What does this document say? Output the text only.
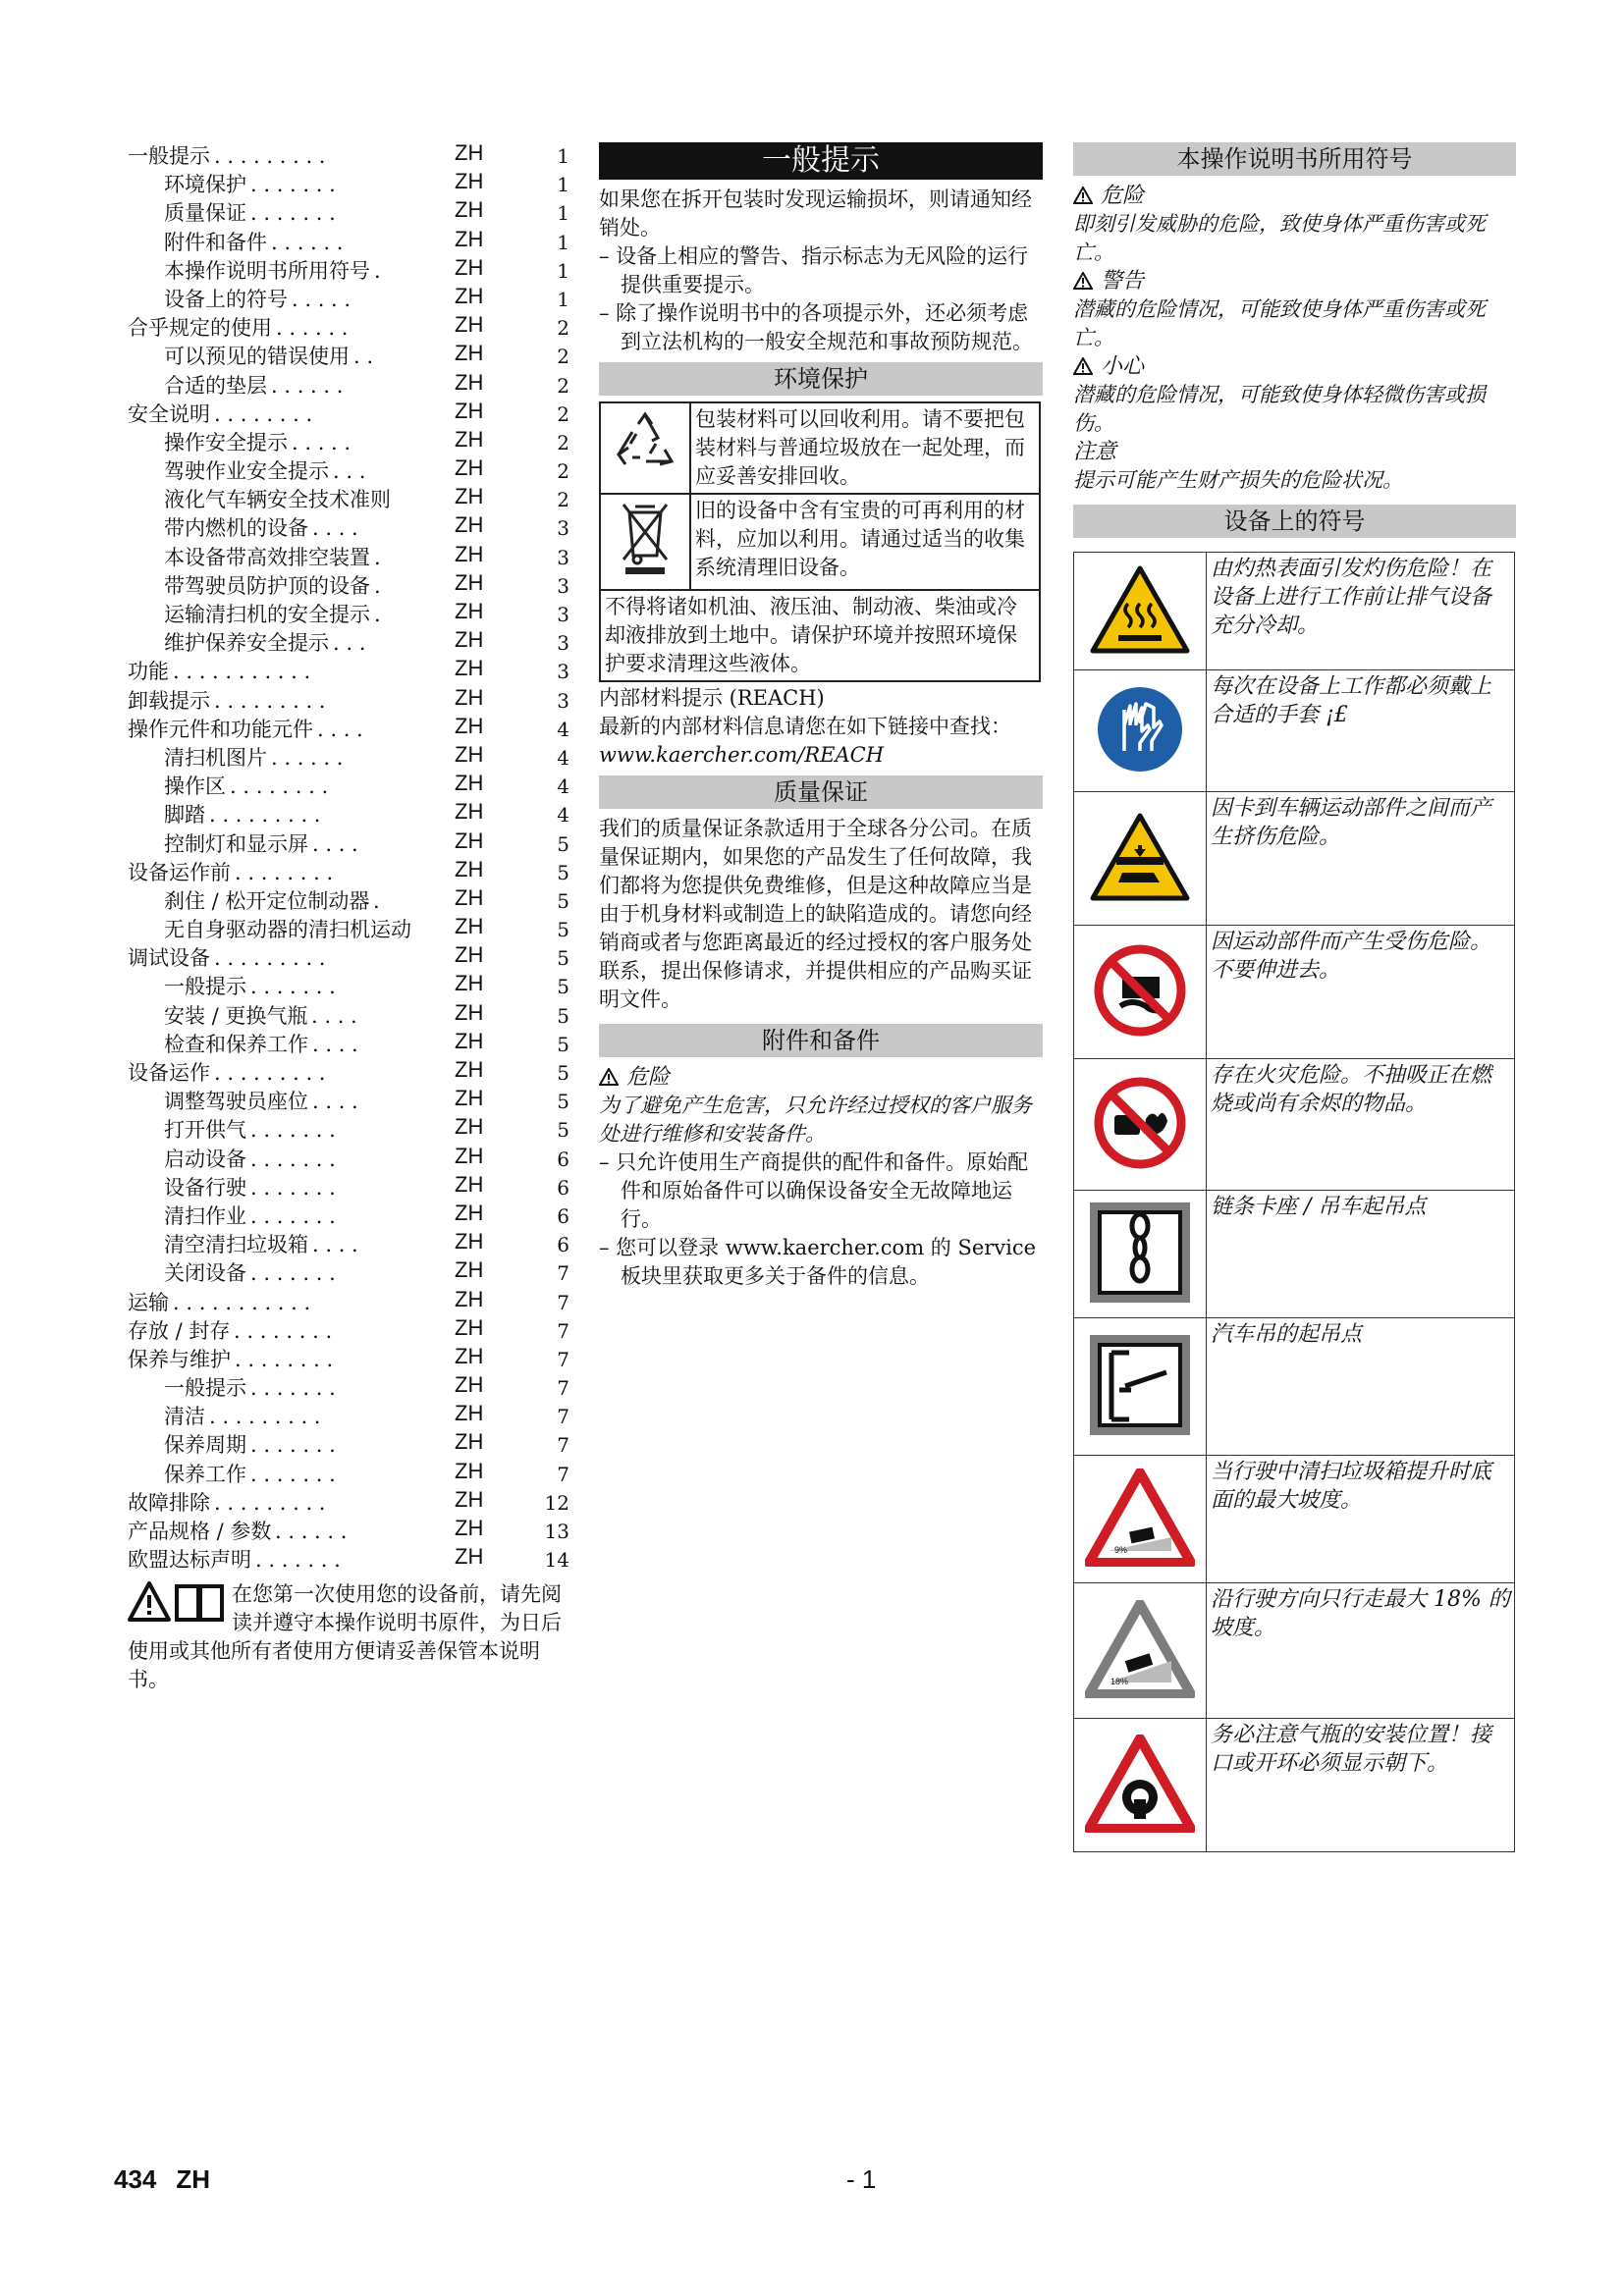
一般提示 . . . . . . . . .	ZH	1
环境保护 . . . . . . .	ZH	1
质量保证 . . . . . . .	ZH	1
附件和备件 . . . . . .	ZH	1
本操作说明书所用符号 .	ZH	1
设备上的符号 . . . . .	ZH	1
合乎规定的使用 . . . . . .	ZH	2
可以预见的错误使用 . .	ZH	2
合适的垫层 . . . . . .	ZH	2
安全说明 . . . . . . . .	ZH	2
操作安全提示 . . . . .	ZH	2
驾驶作业安全提示 . . .	ZH	2
液化气车辆安全技术准则	ZH	2
带内燃机的设备 . . . .	ZH	3
本设备带高效排空装置 .	ZH	3
带驾驶员防护顶的设备 .	ZH	3
运输清扫机的安全提示 .	ZH	3
维护保养安全提示 . . .	ZH	3
功能 . . . . . . . . . . .	ZH	3
卸载提示 . . . . . . . . .	ZH	3
操作元件和功能元件 . . . .	ZH	4
清扫机图片 . . . . . .	ZH	4
操作区 . . . . . . . .	ZH	4
脚踏 . . . . . . . . .	ZH	4
控制灯和显示屏 . . . .	ZH	5
设备运作前 . . . . . . . .	ZH	5
刹住 / 松开定位制动器 .	ZH	5
无自身驱动器的清扫机运动 ZH	5
调试设备 . . . . . . . . .	ZH	5
一般提示 . . . . . . .	ZH	5
安装 / 更换气瓶 . . . .	ZH	5
检查和保养工作 . . . .	ZH	5
设备运作 . . . . . . . . .	ZH	5
调整驾驶员座位 . . . .	ZH	5
打开供气 . . . . . . .	ZH	5
启动设备 . . . . . . .	ZH	6
设备行驶 . . . . . . .	ZH	6
清扫作业 . . . . . . .	ZH	6
清空清扫垃圾箱 . . . .	ZH	6
关闭设备 . . . . . . .	ZH	7
运输 . . . . . . . . . . .	ZH	7
存放 / 封存 . . . . . . . .	ZH	7
保养与维护 . . . . . . . .	ZH	7
一般提示 . . . . . . .	ZH	7
清洁 . . . . . . . . .	ZH	7
保养周期 . . . . . . .	ZH	7
保养工作 . . . . . . .	ZH	7
故障排除 . . . . . . . . .	ZH	12
产品规格 / 参数 . . . . . .	ZH	13
欧盟达标声明 . . . . . . .	ZH	14
在您第一次使用您的设备前，请先阅读并遵守本操作说明书原件，为日后使用或其他所有者使用方便请妥善保管本说明书。
一般提示
如果您在拆开包装时发现运输损坏，则请通知经销处。
– 设备上相应的警告、指示标志为无风险的运行提供重要提示。
– 除了操作说明书中的各项提示外，还必须考虑到立法机构的一般安全规范和事故预防规范。
环境保护
	包装材料可以回收利用。请不要把包装材料与普通垃圾放在一起处理，而应妥善安排回收。
	旧的设备中含有宝贵的可再利用的材料，应加以利用。请通过适当的收集系统清理旧设备。
不得将诸如机油、液压油、制动液、柴油或冷却液排放到土地中。请保护环境并按照环境保护要求清理这些液体。	
内部材料提示 (REACH)
最新的内部材料信息请您在如下链接中查找：
www.kaercher.com/REACH
质量保证
我们的质量保证条款适用于全球各分公司。在质量保证期内，如果您的产品发生了任何故障，我们都将为您提供免费维修，但是这种故障应当是由于机身材料或制造上的缺陷造成的。请您向经销商或者与您距离最近的经过授权的客户服务处联系，提出保修请求，并提供相应的产品购买证明文件。
附件和备件
危险
为了避免产生危害，只允许经过授权的客户服务处进行维修和安装备件。
– 只允许使用生产商提供的配件和备件。原始配件和原始备件可以确保设备安全无故障地运行。
– 您可以登录 www.kaercher.com 的 Service 板块里获取更多关于备件的信息。
本操作说明书所用符号
危险
即刻引发威胁的危险，致使身体严重伤害或死亡。
警告
潜藏的危险情况，可能致使身体严重伤害或死亡。
小心
潜藏的危险情况，可能致使身体轻微伤害或损伤。
注意
提示可能产生财产损失的危险状况。
设备上的符号
	由灼热表面引发灼伤危险！在设备上进行工作前让排气设备充分冷却。
	每次在设备上工作都必须戴上合适的手套 ¡£
	因卡到车辆运动部件之间而产生挤伤危险。
	因运动部件而产生受伤危险。不要伸进去。
	存在火灾危险。不抽吸正在燃烧或尚有余烬的物品。
	链条卡座 / 吊车起吊点
	汽车吊的起吊点

9%	当行驶中清扫垃圾箱提升时底面的最大坡度。

18%	沿行驶方向只行走最大 18% 的坡度。
	务必注意气瓶的安装位置！接口或开环必须显示朝下。
434 ZH	- 1
